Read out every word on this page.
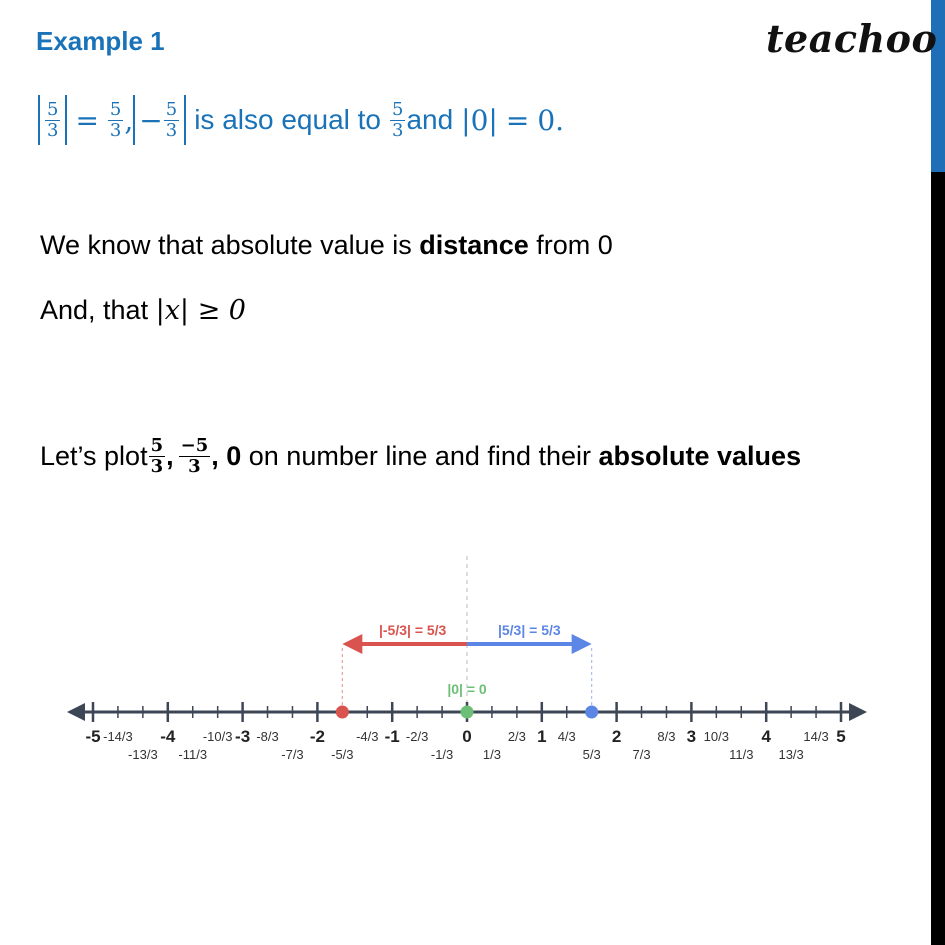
Example 1	teachoo
$\frac{5}{3} = \frac{5}{3}$ , − $\frac{5}{3}$ is also equal to $\frac{5}{3}$ and |0| = 0.
We know that absolute value is distance from 0
And, that |x| ≥ 0
Let’s plot $\frac{5}{3}$ , $\frac{-5}{3}$ , 0 on number line and find their absolute values
-5	-4	-3	-2	-1	0	1	2	3	4	5
-14/3	-10/3 -8/3	-4/3 -2/3	2/3 4/3	8/3 10/3	14/3
-13/3 -11/3	-7/3 -5/3	-1/3 1/3	5/3 7/3	11/3 13/3
|-5/3| = 5/3	|5/3| = 5/3
|0| = 0
